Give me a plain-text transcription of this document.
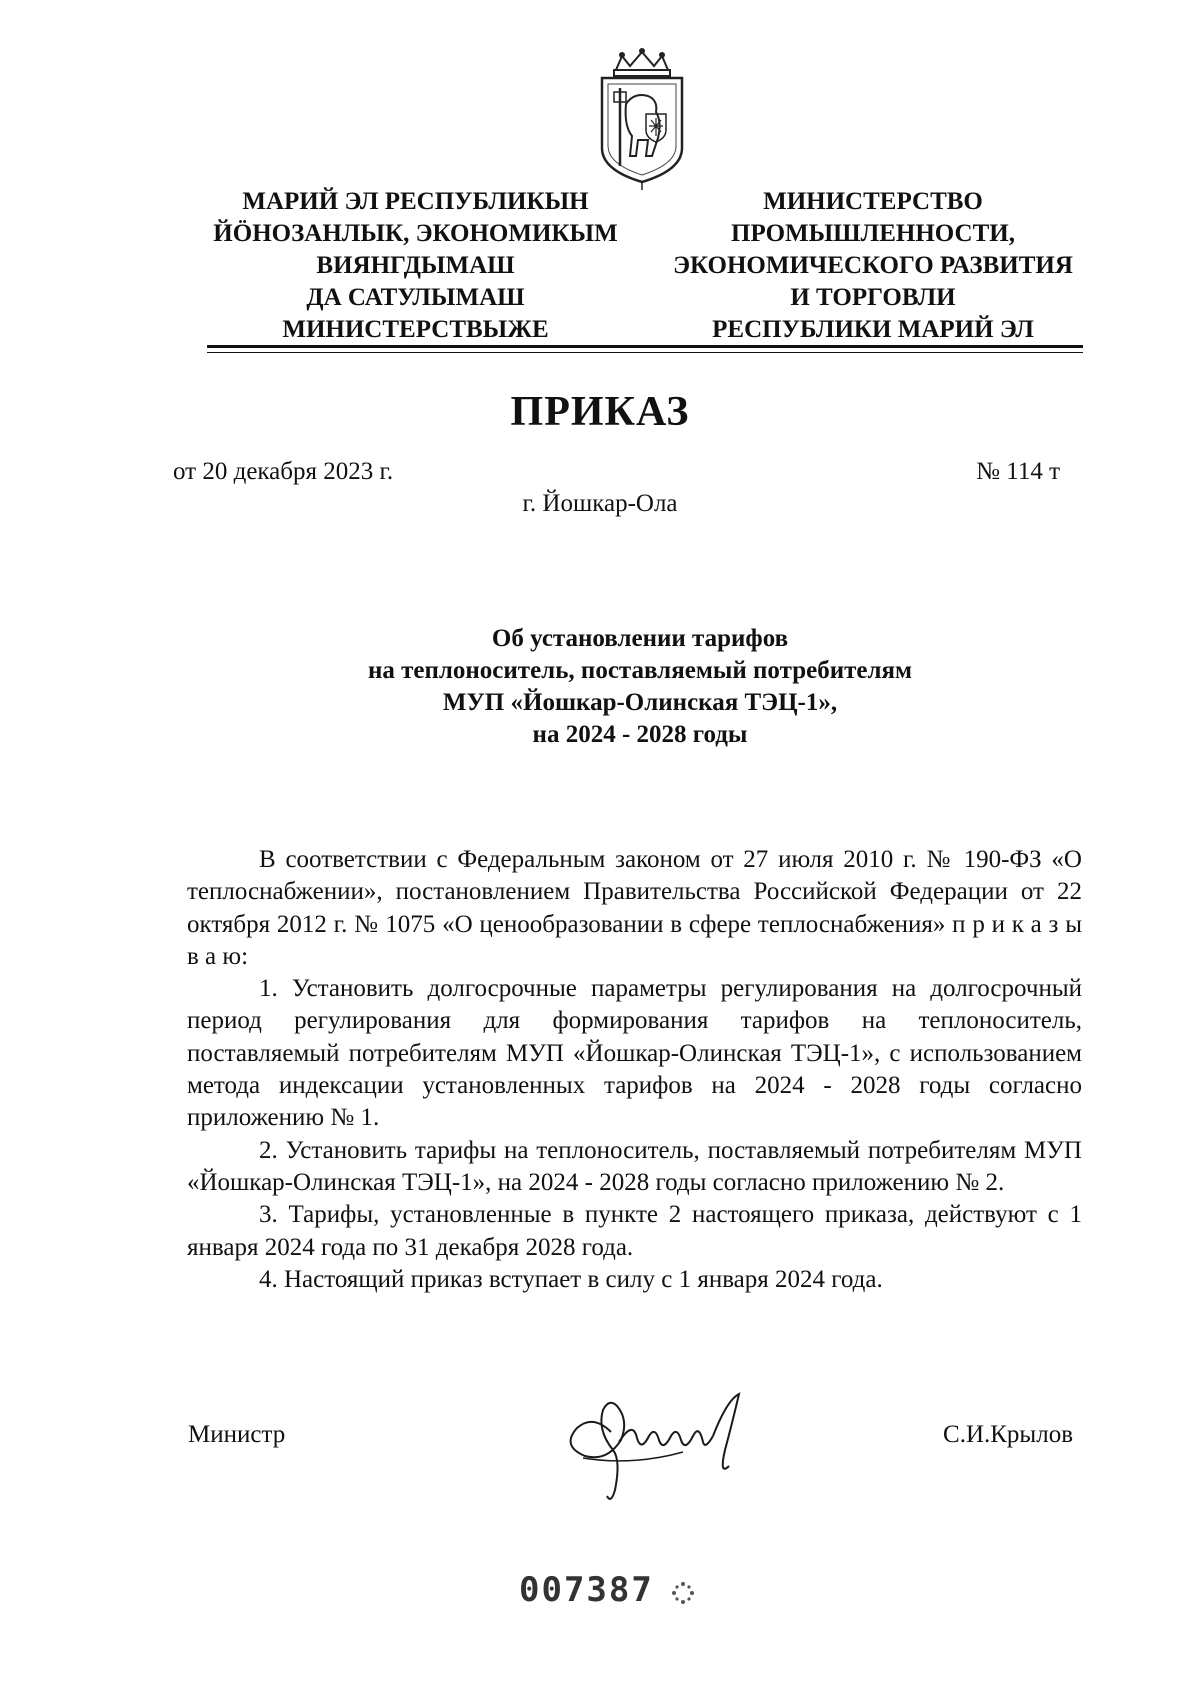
МАРИЙ ЭЛ РЕСПУБЛИКЫН
ЙÖНОЗАНЛЫК, ЭКОНОМИКЫМ
ВИЯНГДЫМАШ
ДА САТУЛЫМАШ
МИНИСТЕРСТВЫЖЕ
МИНИСТЕРСТВО
ПРОМЫШЛЕННОСТИ,
ЭКОНОМИЧЕСКОГО РАЗВИТИЯ
И ТОРГОВЛИ
РЕСПУБЛИКИ МАРИЙ ЭЛ
ПРИКАЗ
от 20 декабря 2023 г.	№ 114 т
г. Йошкар-Ола
Об установлении тарифов
на теплоноситель, поставляемый потребителям
МУП «Йошкар-Олинская ТЭЦ-1»,
на 2024 - 2028 годы

В соответствии с Федеральным законом от 27 июля 2010 г. № 190-ФЗ «О теплоснабжении», постановлением Правительства Российской Федерации от 22 октября 2012 г. № 1075 «О ценообразовании в сфере теплоснабжения» п р и к а з ы в а ю:

1. Установить долгосрочные параметры регулирования на долгосрочный период регулирования для формирования тарифов на теплоноситель, поставляемый потребителям МУП «Йошкар-Олинская ТЭЦ-1», с использованием метода индексации установленных тарифов на 2024 - 2028 годы согласно приложению № 1.

2. Установить тарифы на теплоноситель, поставляемый потребителям МУП «Йошкар-Олинская ТЭЦ-1», на 2024 - 2028 годы согласно приложению № 2.

3. Тарифы, установленные в пункте 2 настоящего приказа, действуют с 1 января 2024 года по 31 декабря 2028 года.

4. Настоящий приказ вступает в силу с 1 января 2024 года.

Министр	С.И.Крылов
007387
